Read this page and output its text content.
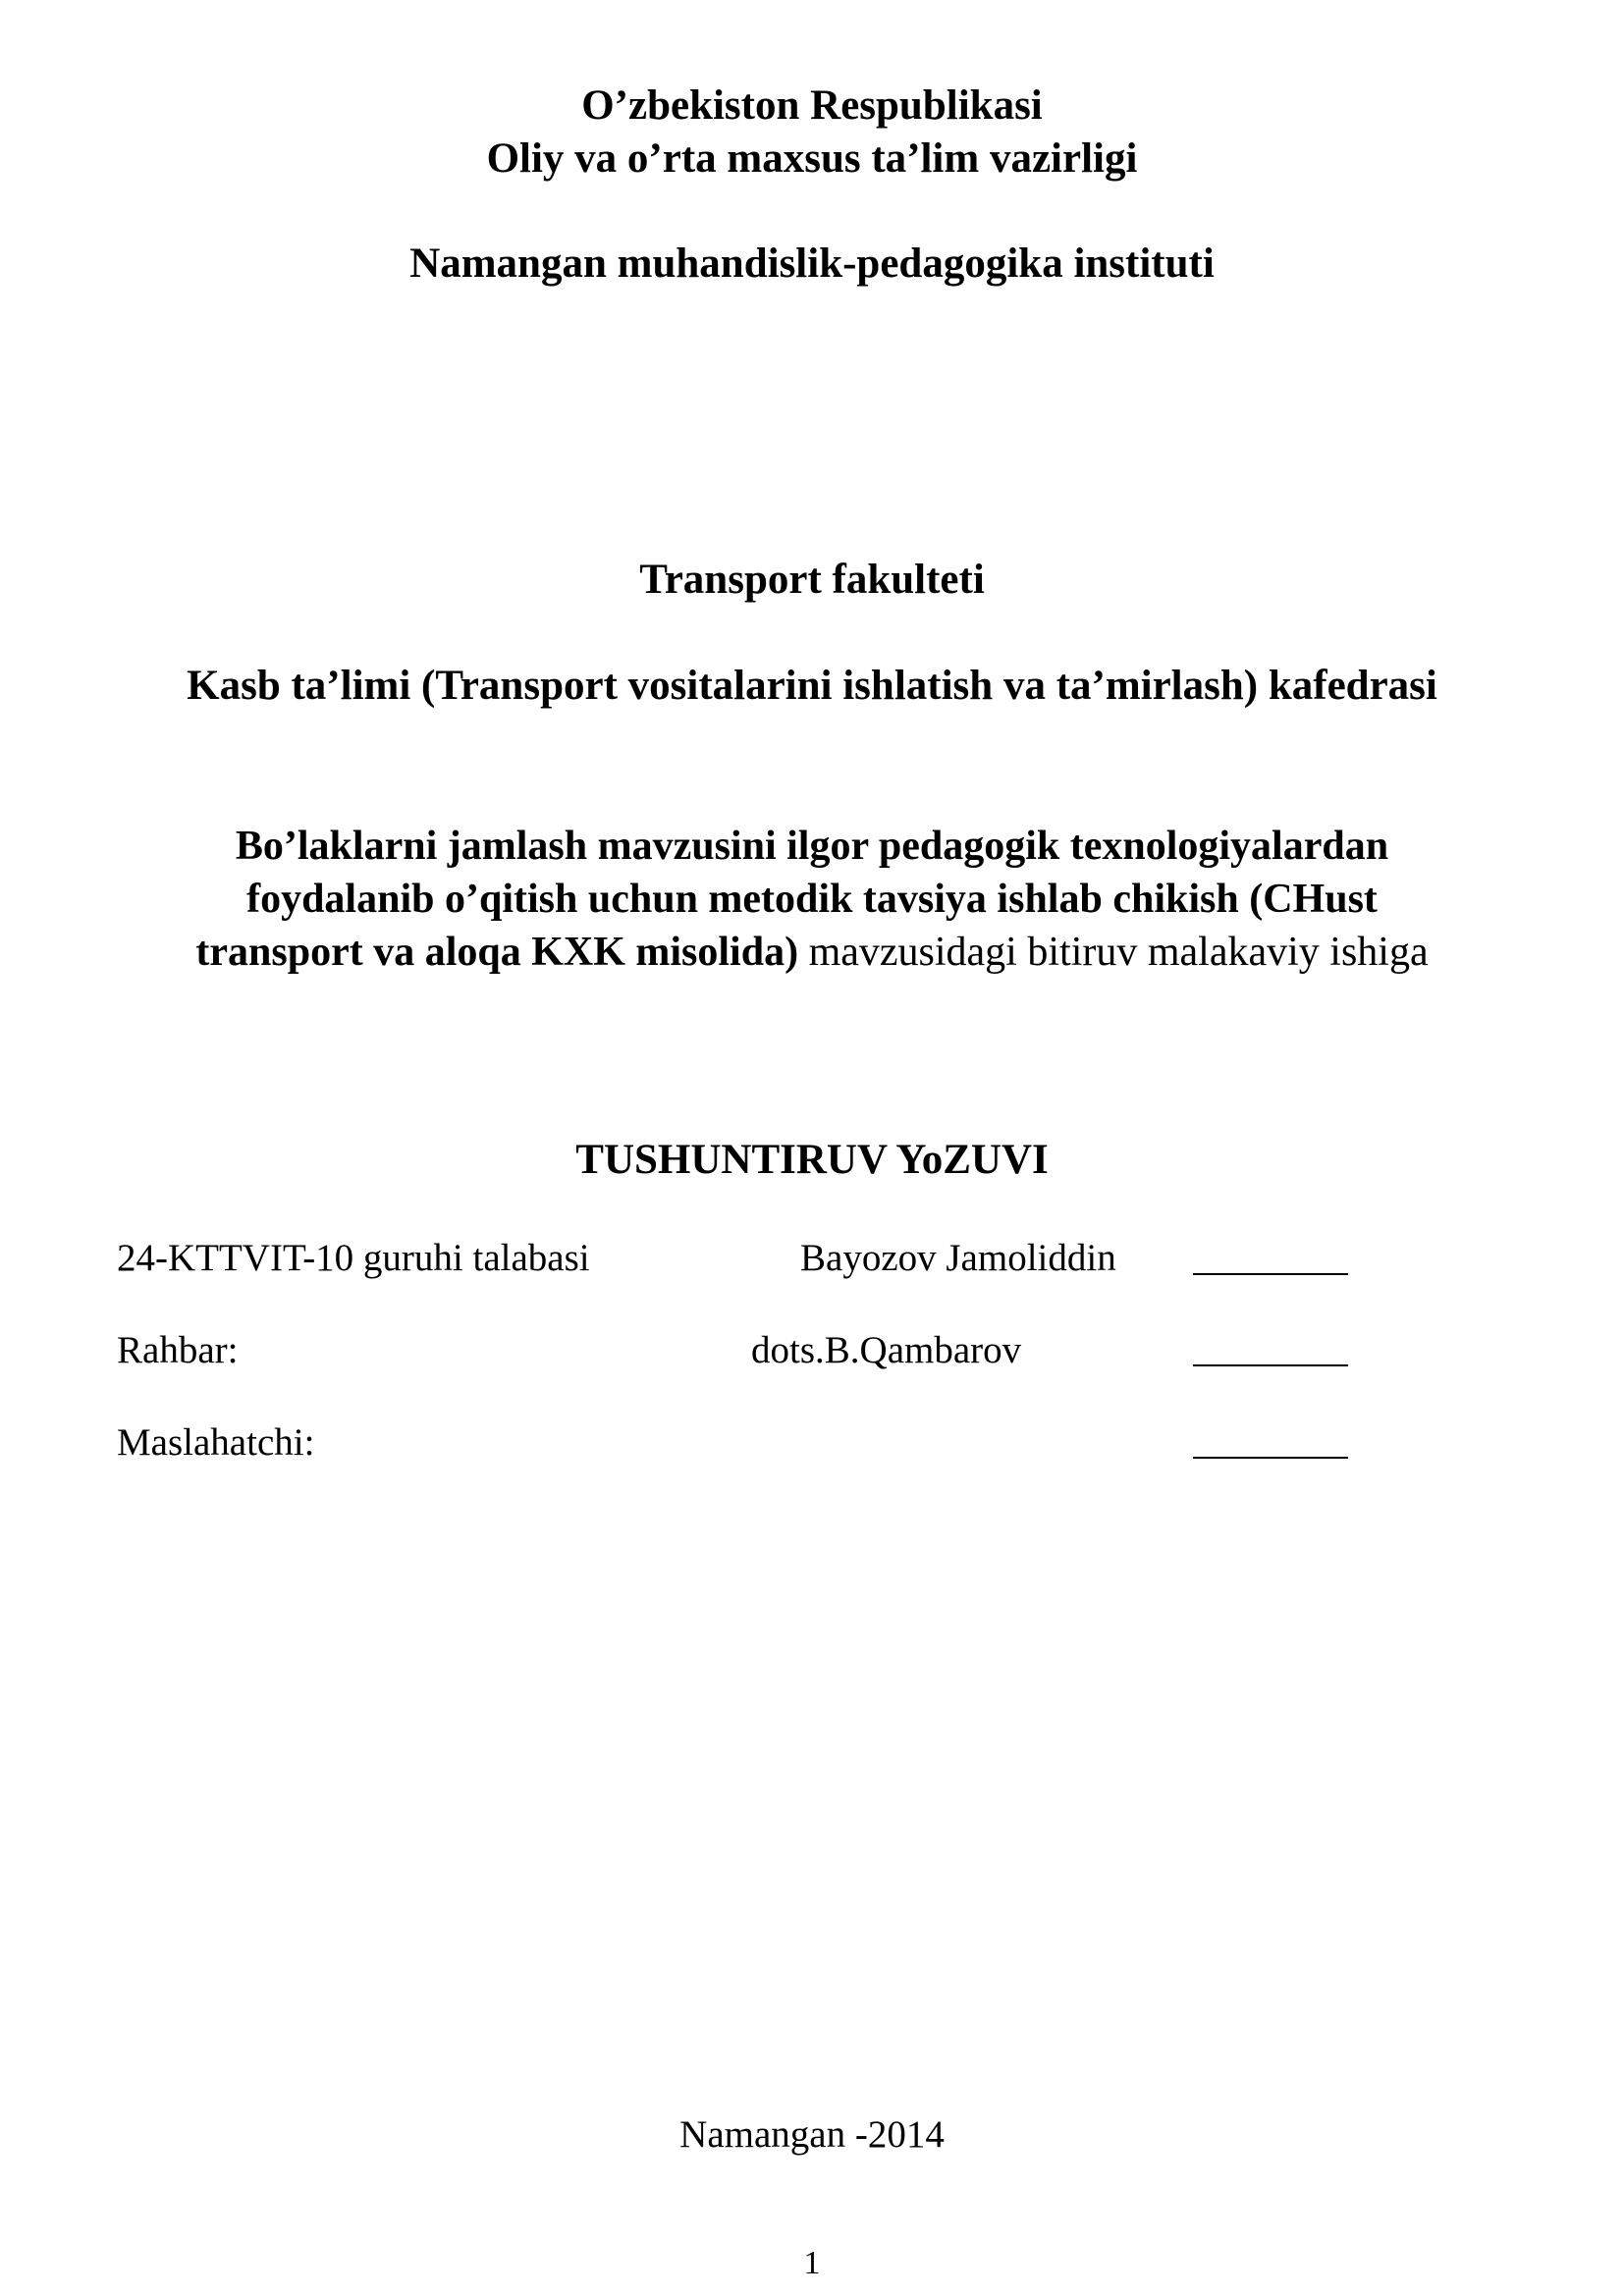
O’zbekiston Respublikasi
Oliy va o’rta maxsus ta’lim vazirligi
Namangan muhandislik-pedagogika instituti
Transport fakulteti
Kasb ta’limi (Transport vositalarini ishlatish va ta’mirlash) kafedrasi
Bo’laklarni jamlash mavzusini ilgor pedagogik texnologiyalardan
foydalanib o’qitish uchun metodik tavsiya ishlab chikish (CHust
transport va aloqa KXK misolida) mavzusidagi bitiruv malakaviy ishiga
TUSHUNTIRUV YoZUVI
24-KTTVIT-10 guruhi talabasi	Bayozov Jamoliddin
Rahbar:	dots.B.Qambarov
Maslahatchi:
Namangan -2014
1
